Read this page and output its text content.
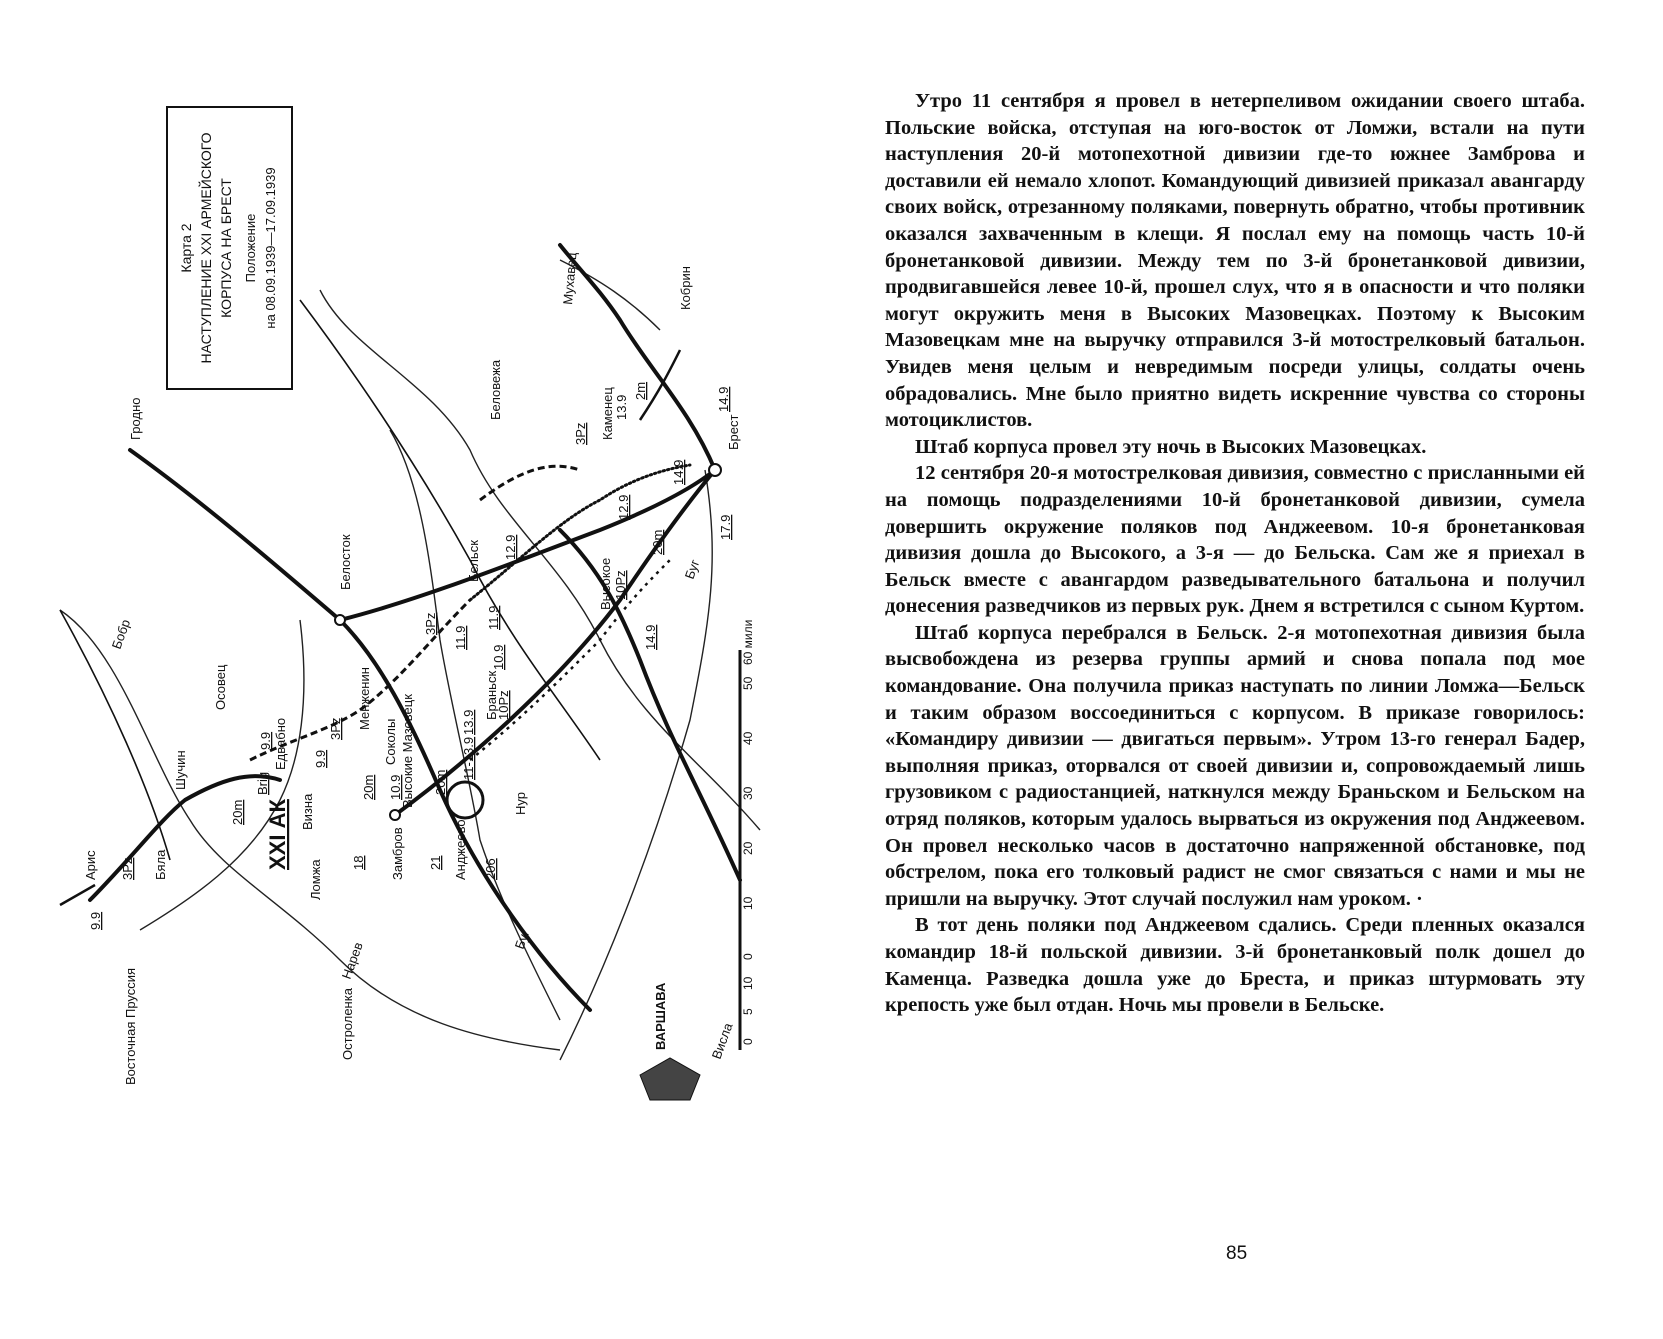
Карта 2 НАСТУПЛЕНИЕ XXI АРМЕЙСКОГО КОРПУСА НА БРЕСТ Положение на 08.09.1939—17.09.1939
Гродно
Кобрин
Мухавец
Беловежа	Каменец 13.9
Брест
Белосток	Бельск	Высокое	Буг
Буг
Браньск
Осовец
Бобр
Едвабно
Менженин
Соколы Высокие Мазовецк
Визна
Ломжа	Замбров	Анджеево
Нур
Шучин
Бяла
Арис
Нарев
Остроленка
Восточная Пруссия	ВАРШАВА	Висла
XXI АК
2m
3Pz
12.9
12.9
14.9
14.9
14.9
17.9
20m
10Pz
3Pz
11.9
11.9
10.9
10Pz
3Pz
9.9
9.9
Brig
20m
20m 10.9
11-13.9
13.9
20m
18	21	206
3Pz
9.9
60 мили
0
5
10
0
10
20
30
40
50

Утро 11 сентября я провел в нетерпеливом ожидании своего штаба. Польские войска, отступая на юго-восток от Ломжи, встали на пути наступления 20-й мотопехотной дивизии где-то южнее Замброва и доставили ей немало хлопот. Командующий дивизией приказал авангарду своих войск, отрезанному поляками, повернуть обратно, чтобы противник оказался захваченным в клещи. Я послал ему на помощь часть 10-й бронетанковой дивизии. Между тем по 3-й бронетанковой дивизии, продвигавшейся левее 10-й, прошел слух, что я в опасности и что поляки могут окружить меня в Высоких Мазовецках. Поэтому к Высоким Мазовецкам мне на выручку отправился 3-й мотострелковый батальон. Увидев меня целым и невредимым посреди улицы, солдаты очень обрадовались. Мне было приятно видеть искренние чувства со стороны мотоциклистов.

Штаб корпуса провел эту ночь в Высоких Мазовецках.

12 сентября 20-я мотострелковая дивизия, совместно с присланными ей на помощь подразделениями 10-й бронетанковой дивизии, сумела довершить окружение поляков под Анджеевом. 10-я бронетанковая дивизия дошла до Высокого, а 3-я — до Бельска. Сам же я приехал в Бельск вместе с авангардом разведывательного батальона и получил донесения разведчиков из первых рук. Днем я встретился с сыном Куртом.

Штаб корпуса перебрался в Бельск. 2-я мотопехотная дивизия была высвобождена из резерва группы армий и снова попала под мое командование. Она получила приказ наступать по линии Ломжа—Бельск и таким образом воссоединиться с корпусом. В приказе говорилось: «Командиру дивизии — двигаться первым». Утром 13-го генерал Бадер, выполняя приказ, оторвался от своей дивизии и, сопровождаемый лишь грузовиком с радиостанцией, наткнулся между Браньском и Бельском на отряд поляков, которым удалось вырваться из окружения под Анджеевом. Он провел несколько часов в достаточно напряженной обстановке, под обстрелом, пока его толковый радист не смог связаться с нами и мы не пришли на выручку. Этот случай послужил нам уроком. ·

В тот день поляки под Анджеевом сдались. Среди пленных оказался командир 18-й польской дивизии. 3-й бронетанковый полк дошел до Каменца. Разведка дошла уже до Бреста, и приказ штурмовать эту крепость уже был отдан. Ночь мы провели в Бельске.

85
